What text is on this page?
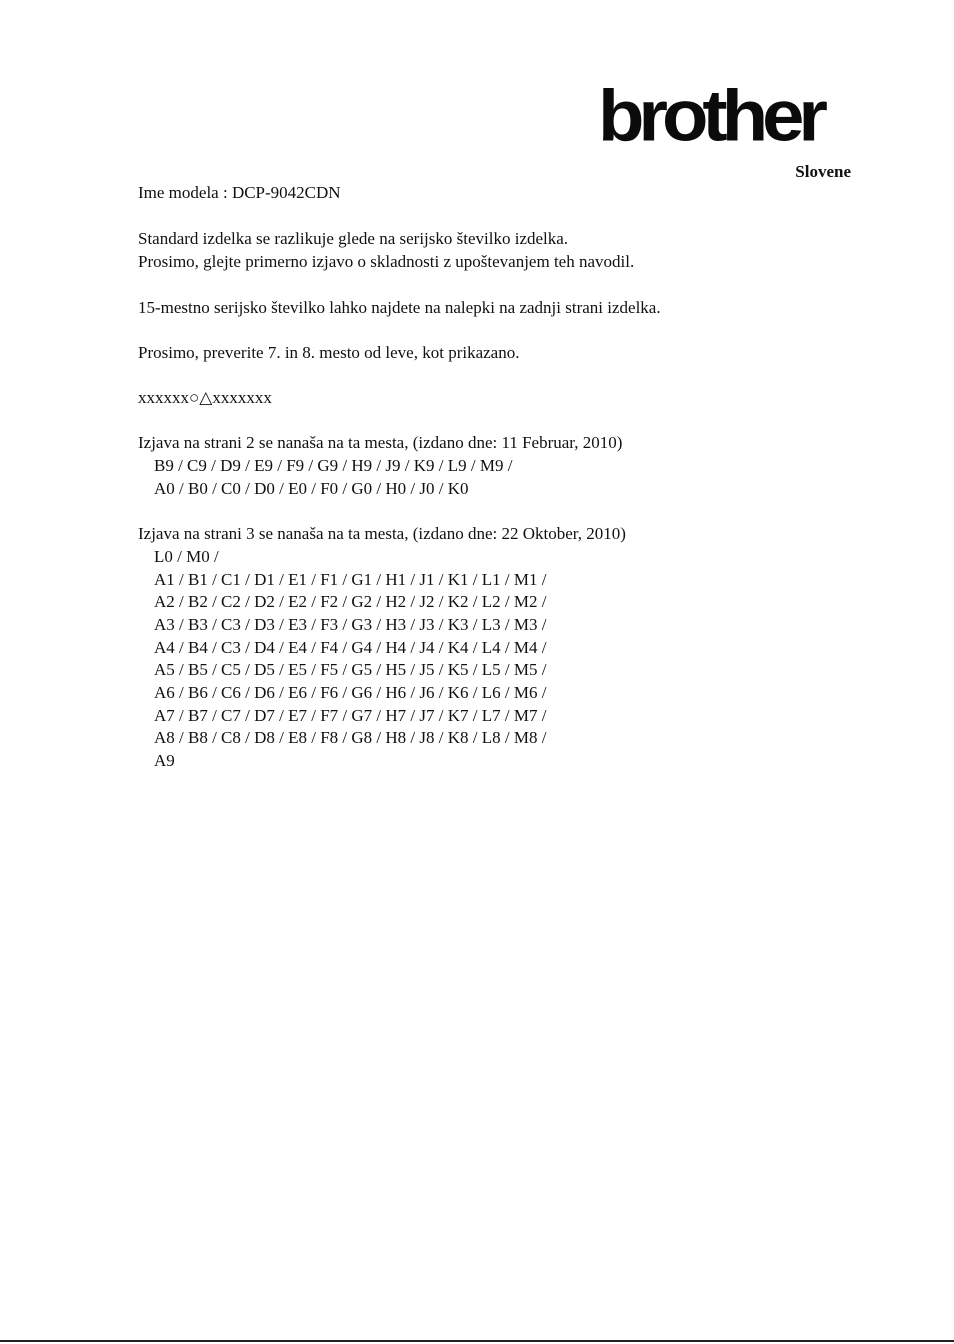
brother
Slovene
Ime modela : DCP-9042CDN
Standard izdelka se razlikuje glede na serijsko številko izdelka.
Prosimo, glejte primerno izjavo o skladnosti z upoštevanjem teh navodil.
15-mestno serijsko številko lahko najdete na nalepki na zadnji strani izdelka.
Prosimo, preverite 7. in 8. mesto od leve, kot prikazano.
xxxxxx○△xxxxxxx
Izjava na strani 2 se nanaša na ta mesta, (izdano dne: 11 Februar, 2010)
B9 / C9 / D9 / E9 / F9 / G9 / H9 / J9 / K9 / L9 / M9 /
A0 / B0 / C0 / D0 / E0 / F0 / G0 / H0 / J0 / K0
Izjava na strani 3 se nanaša na ta mesta, (izdano dne: 22 Oktober, 2010)
L0 / M0 /
A1 / B1 / C1 / D1 / E1 / F1 / G1 / H1 / J1 / K1 / L1 / M1 /
A2 / B2 / C2 / D2 / E2 / F2 / G2 / H2 / J2 / K2 / L2 / M2 /
A3 / B3 / C3 / D3 / E3 / F3 / G3 / H3 / J3 / K3 / L3 / M3 /
A4 / B4 / C3 / D4 / E4 / F4 / G4 / H4 / J4 / K4 / L4 / M4 /
A5 / B5 / C5 / D5 / E5 / F5 / G5 / H5 / J5 / K5 / L5 / M5 /
A6 / B6 / C6 / D6 / E6 / F6 / G6 / H6 / J6 / K6 / L6 / M6 /
A7 / B7 / C7 / D7 / E7 / F7 / G7 / H7 / J7 / K7 / L7 / M7 /
A8 / B8 / C8 / D8 / E8 / F8 / G8 / H8 / J8 / K8 / L8 / M8 /
A9
